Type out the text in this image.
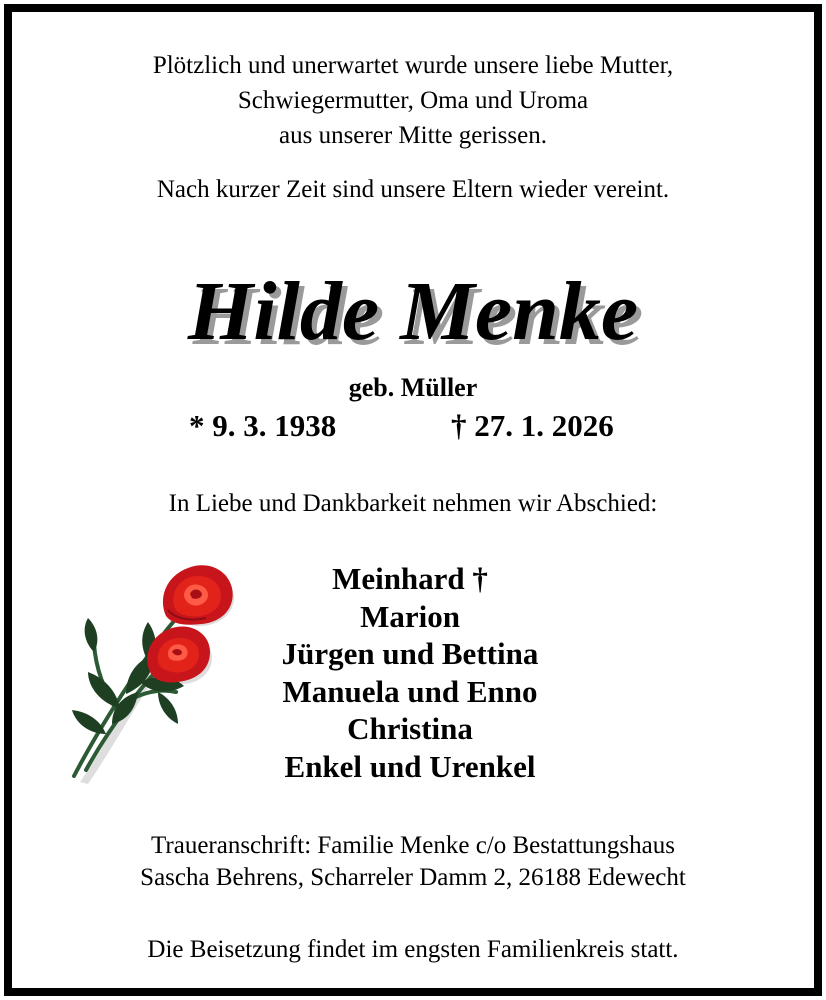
Plötzlich und unerwartet wurde unsere liebe Mutter,
Schwiegermutter, Oma und Uroma
aus unserer Mitte gerissen.
Nach kurzer Zeit sind unsere Eltern wieder vereint.
Hilde Menke
geb. Müller
* 9. 3. 1938	† 27. 1. 2026
In Liebe und Dankbarkeit nehmen wir Abschied:
Meinhard †
Marion
Jürgen und Bettina
Manuela und Enno
Christina
Enkel und Urenkel
Traueranschrift: Familie Menke c/o Bestattungshaus
Sascha Behrens, Scharreler Damm 2, 26188 Edewecht
Die Beisetzung findet im engsten Familienkreis statt.
